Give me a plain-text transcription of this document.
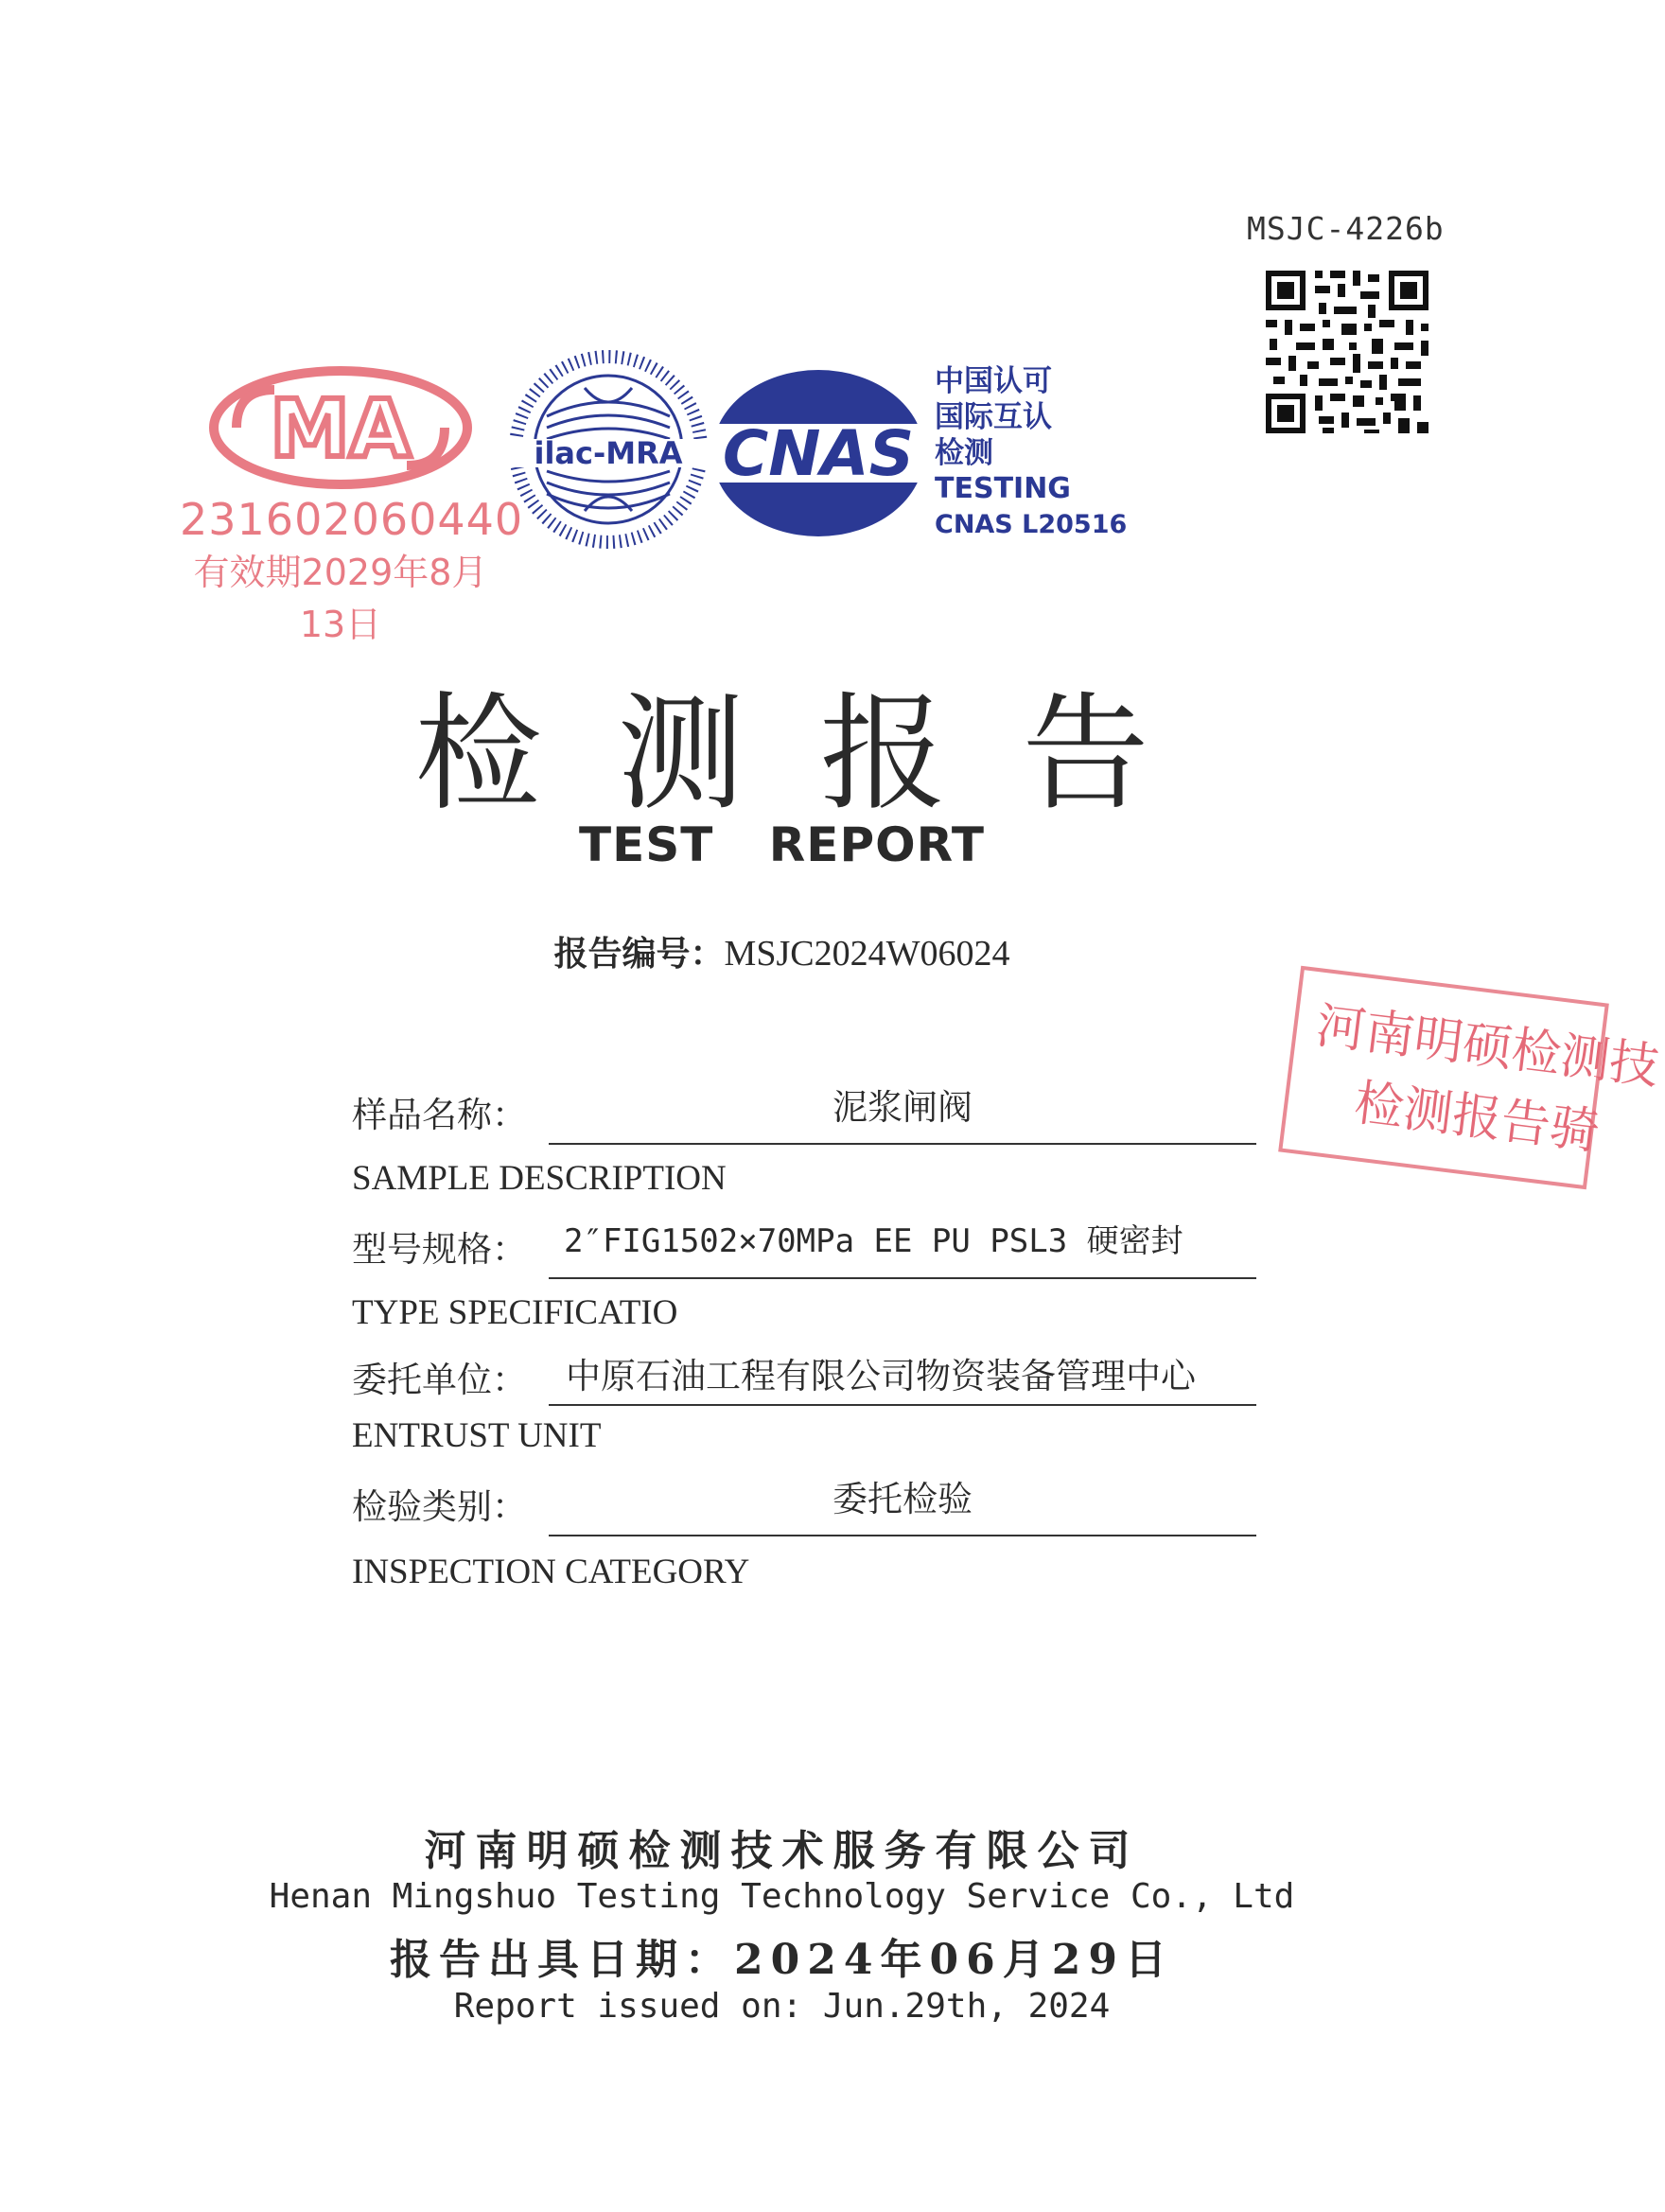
MSJC-4226b
MA
231602060440
有效期2029年8月13日
ilac-MRA CNAS
中国认可
国际互认
检测
TESTING
CNAS L20516
检测报告
TEST REPORT
报告编号：MSJC2024W06024
河南明硕检测技
检测报告骑
样品名称：	泥浆闸阀
SAMPLE DESCRIPTION
型号规格： 2″FIG1502×70MPa EE PU PSL3 硬密封
TYPE SPECIFICATIO
委托单位： 中原石油工程有限公司物资装备管理中心
ENTRUST UNIT
检验类别：	委托检验
INSPECTION CATEGORY
河南明硕检测技术服务有限公司
Henan Mingshuo Testing Technology Service Co., Ltd
报告出具日期：2024年06月29日
Report issued on: Jun.29th, 2024
